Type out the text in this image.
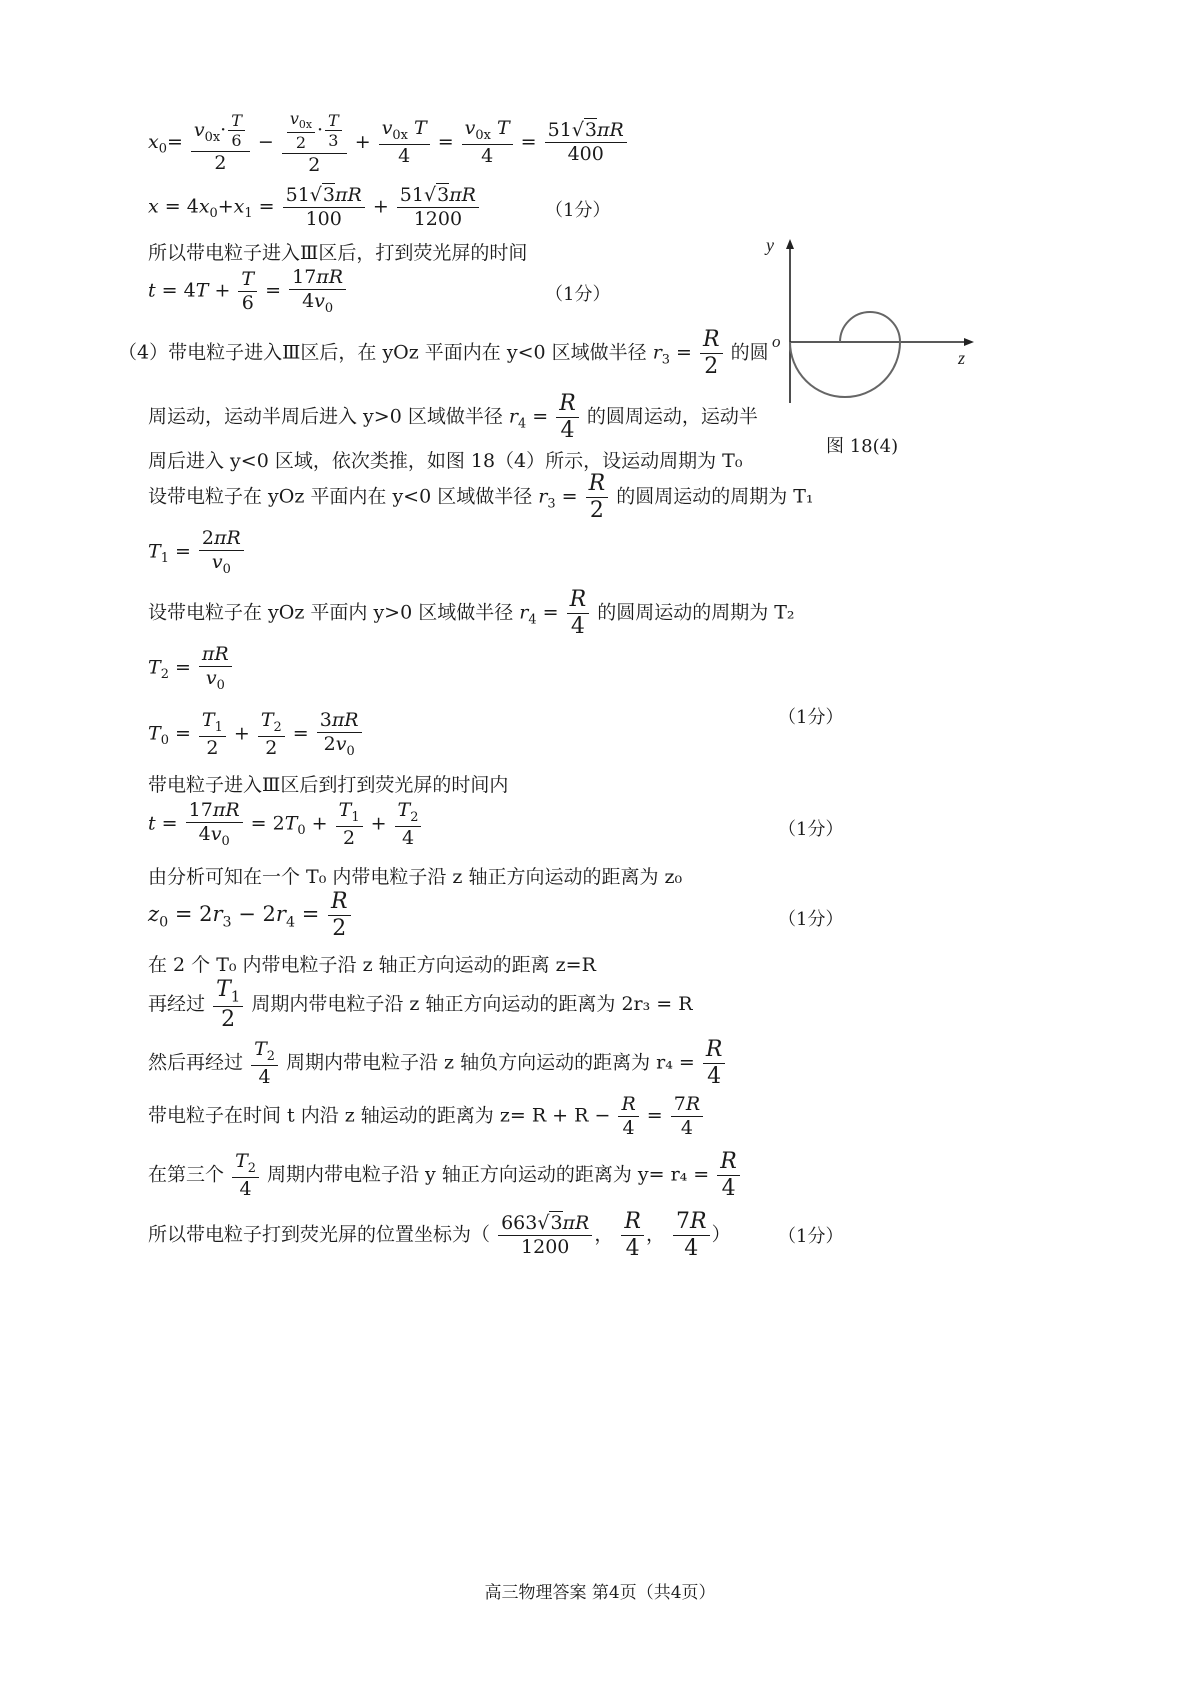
$x_0= \frac{v_{0x}\cdot \frac{T}{6}}{2} - \frac{\frac{v_{0x}}{2} \cdot \frac{T}{3}}{2} + \frac{v_{0x} T}{4} = \frac{v_{0x} T}{4} = \frac{51√3\pi R}{400}$
$x = 4x_0+x_1 = \frac{51√3\pi R}{100} + \frac{51√3\pi R}{1200}$	（1分）
所以带电粒子进入Ⅲ区后，打到荧光屏的时间
$t = 4T + \frac{T}{6} = \frac{17\pi R}{4v_0}$	（1分）
（4）带电粒子进入Ⅲ区后，在 yOz 平面内在 y<0 区域做半径 $r_3 = \frac{R}{2}$ 的圆
周运动，运动半周后进入 y>0 区域做半径 $r_4 = \frac{R}{4}$ 的圆周运动，运动半
周后进入 y<0 区域，依次类推，如图 18（4）所示，设运动周期为 T₀
设带电粒子在 yOz 平面内在 y<0 区域做半径 $r_3 = \frac{R}{2}$ 的圆周运动的周期为 T₁
$T_1 = \frac{2\pi R}{v_0}$
设带电粒子在 yOz 平面内 y>0 区域做半径 $r_4 = \frac{R}{4}$ 的圆周运动的周期为 T₂
$T_2 = \frac{\pi R}{v_0}$
$T_0 = \frac{T_1}{2} + \frac{T_2}{2} = \frac{3\pi R}{2v_0}$	（1分）
带电粒子进入Ⅲ区后到打到荧光屏的时间内
$t = \frac{17\pi R}{4v_0} = 2T_0 + \frac{T_1}{2} + \frac{T_2}{4}$	（1分）
由分析可知在一个 T₀ 内带电粒子沿 z 轴正方向运动的距离为 z₀
$z_0 = 2r_3 - 2r_4 = \frac{R}{2}$	（1分）
在 2 个 T₀ 内带电粒子沿 z 轴正方向运动的距离 z=R
再经过 $\frac{T_1}{2}$ 周期内带电粒子沿 z 轴正方向运动的距离为 2r₃ = R
然后再经过 $\frac{T_2}{4}$ 周期内带电粒子沿 z 轴负方向运动的距离为 $r_4 = \frac{R}{4}$
带电粒子在时间 t 内沿 z 轴运动的距离为 $z= R + R - \frac{R}{4} = \frac{7R}{4}$
在第三个 $\frac{T_2}{4}$ 周期内带电粒子沿 y 轴正方向运动的距离为 $y= r_4 = \frac{R}{4}$
所以带电粒子打到荧光屏的位置坐标为（ $\frac{663√3\pi R}{1200}$ ， $\frac{R}{4}$ ， $\frac{7R}{4}$ ）	（1分）
y
z
o
图 18(4)
高三物理答案 第4页（共4页）
